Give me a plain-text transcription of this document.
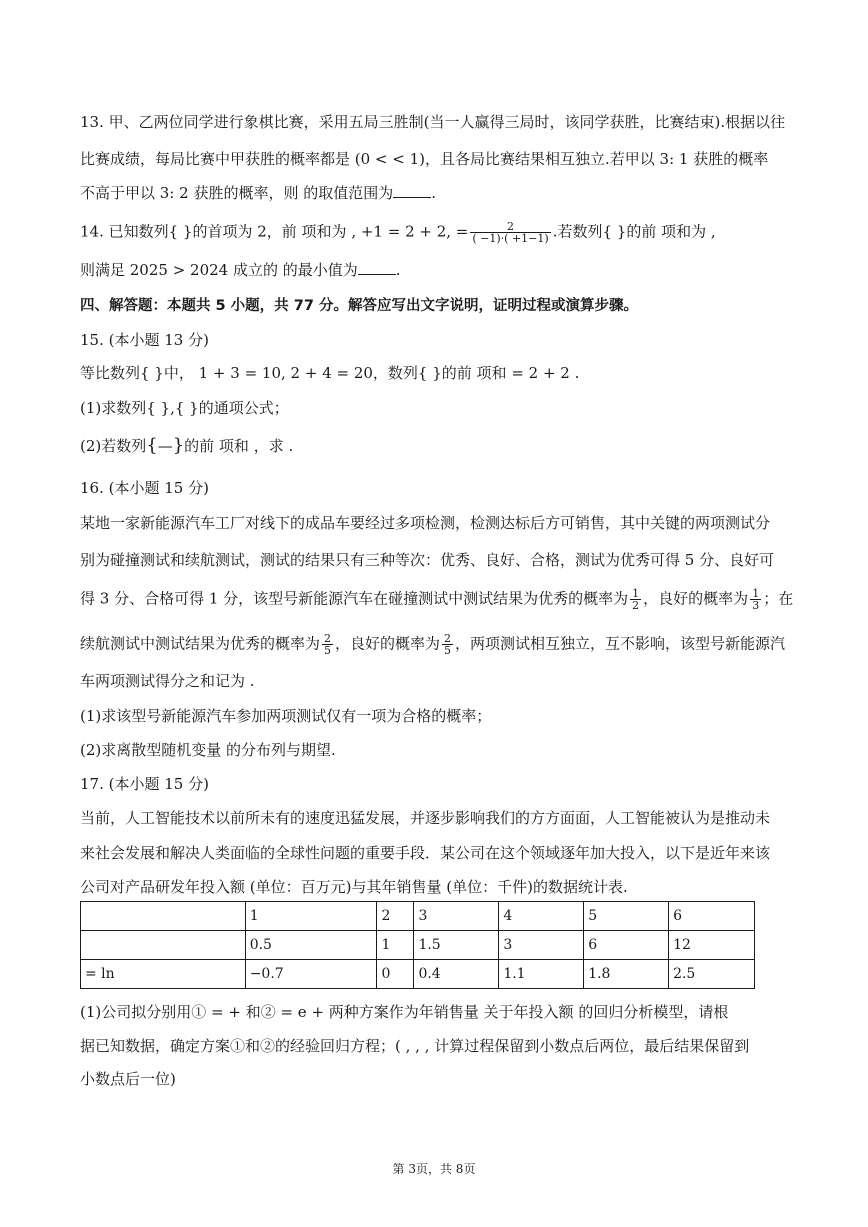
13. 甲、乙两位同学进行象棋比赛，采用五局三胜制(当一人赢得三局时，该同学获胜，比赛结束).根据以往
比赛成绩，每局比赛中甲获胜的概率都是 (0 < < 1)，且各局比赛结果相互独立.若甲以 3: 1 获胜的概率
不高于甲以 3: 2 获胜的概率，则 的取值范围为	.
14. 已知数列{ }的首项为 2，前 项和为 , +1 = 2 + 2, = $\frac{2}{( -1)\cdot( +1-1)}$ .若数列{ }的前 项和为 ,
则满足 2025 > 2024 成立的 的最小值为	.
四、解答题：本题共 5 小题，共 77 分。解答应写出文字说明，证明过程或演算步骤。
15. (本小题 13 分)
等比数列{ }中， 1 + 3 = 10, 2 + 4 = 20，数列{ }的前 项和 = 2 + 2 .
(1)求数列{ },{ }的通项公式；
(2)若数列{—}的前 项和 ，求 .
16. (本小题 15 分)
某地一家新能源汽车工厂对线下的成品车要经过多项检测，检测达标后方可销售，其中关键的两项测试分
别为碰撞测试和续航测试，测试的结果只有三种等次：优秀、良好、合格，测试为优秀可得 5 分、良好可
得 3 分、合格可得 1 分，该型号新能源汽车在碰撞测试中测试结果为优秀的概率为 $\frac{1}{2}$ ，良好的概率为 $\frac{1}{3}$ ；在
续航测试中测试结果为优秀的概率为 $\frac{2}{5}$ ，良好的概率为 $\frac{2}{5}$ ，两项测试相互独立，互不影响，该型号新能源汽
车两项测试得分之和记为 .
(1)求该型号新能源汽车参加两项测试仅有一项为合格的概率；
(2)求离散型随机变量 的分布列与期望.
17. (本小题 15 分)
当前，人工智能技术以前所未有的速度迅猛发展，并逐步影响我们的方方面面，人工智能被认为是推动未
来社会发展和解决人类面临的全球性问题的重要手段．某公司在这个领域逐年加大投入，以下是近年来该
公司对产品研发年投入额 (单位：百万元)与其年销售量 (单位：千件)的数据统计表.
	1	2	3	4	5	6
	0.5	1	1.5	3	6	12
= ln	−0.7	0	0.4	1.1	1.8	2.5
(1)公司拟分别用① = + 和② = e + 两种方案作为年销售量 关于年投入额 的回归分析模型，请根
据已知数据，确定方案①和②的经验回归方程；( , , , 计算过程保留到小数点后两位，最后结果保留到
小数点后一位)
第 3页，共 8页
